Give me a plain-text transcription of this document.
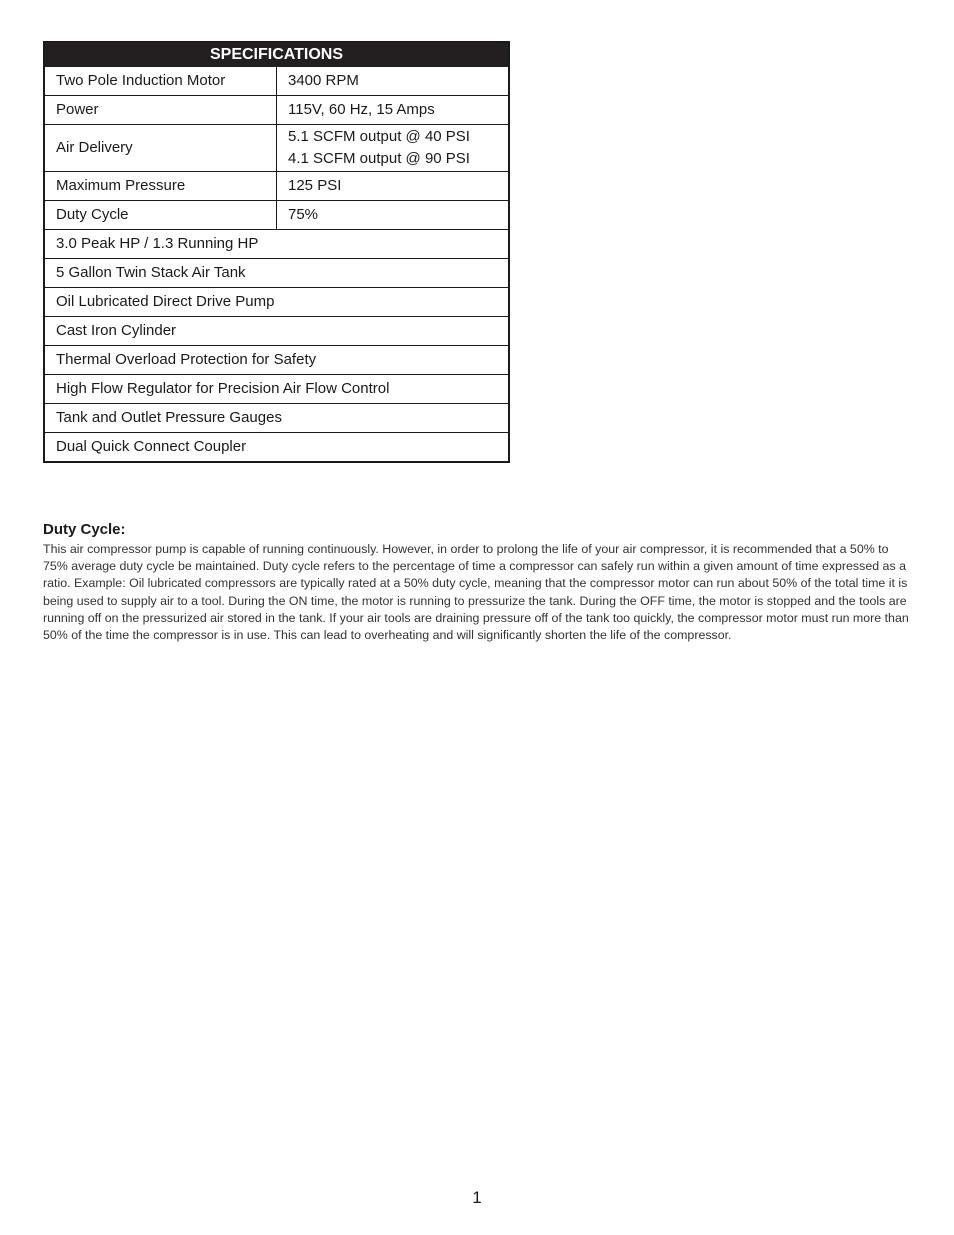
SPECIFICATIONS	
Two Pole Induction Motor	3400 RPM
Power	115V, 60 Hz, 15 Amps
Air Delivery	5.1 SCFM output @ 40 PSI
4.1 SCFM output @ 90 PSI

Maximum Pressure	125 PSI
Duty Cycle	75%
3.0 Peak HP / 1.3 Running HP	
5 Gallon Twin Stack Air Tank	
Oil Lubricated Direct Drive Pump	
Cast Iron Cylinder	
Thermal Overload Protection for Safety	
High Flow Regulator for Precision Air Flow Control	
Tank and Outlet Pressure Gauges	
Dual Quick Connect Coupler	
Duty Cycle:

This air compressor pump is capable of running continuously. However, in order to prolong the life of your air compressor, it is recommended that a 50% to 75% average duty cycle be maintained. Duty cycle refers to the percentage of time a compressor can safely run within a given amount of time expressed as a ratio. Example: Oil lubricated compressors are typically rated at a 50% duty cycle, meaning that the compressor motor can run about 50% of the total time it is being used to supply air to a tool. During the ON time, the motor is running to pressurize the tank. During the OFF time, the motor is stopped and the tools are running off on the pressurized air stored in the tank. If your air tools are draining pressure off of the tank too quickly, the compressor motor must run more than 50% of the time the compressor is in use. This can lead to overheating and will significantly shorten the life of the compressor.

1
